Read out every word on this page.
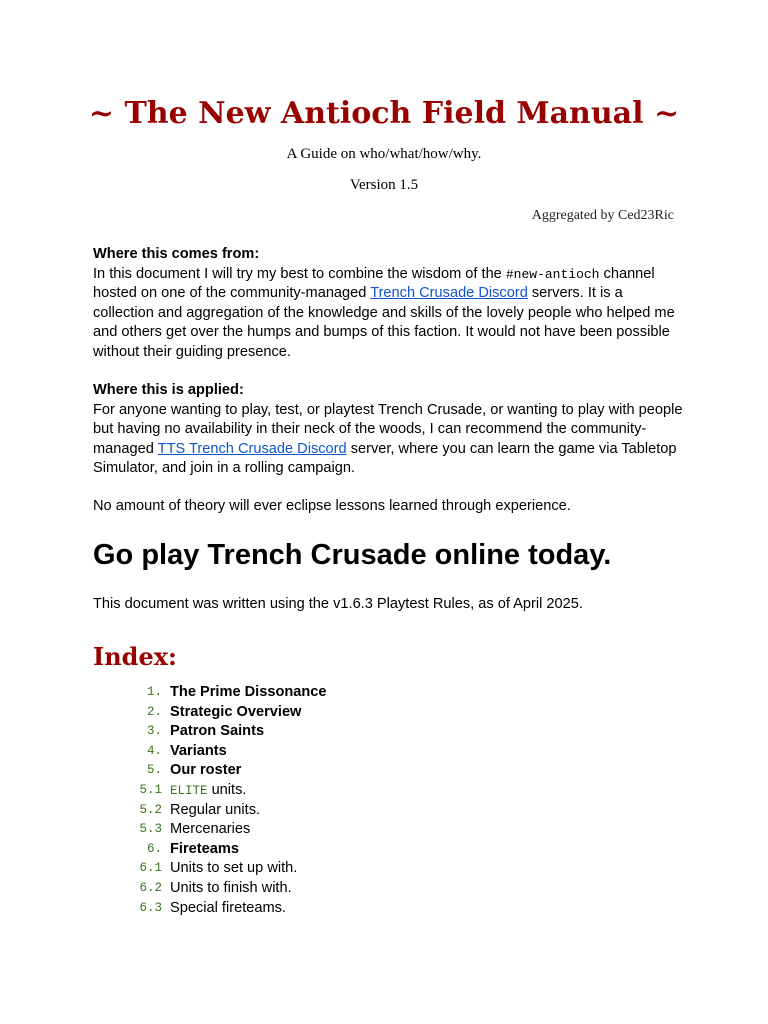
~ The New Antioch Field Manual ~
A Guide on who/what/how/why.
Version 1.5
Aggregated by Ced23Ric

Where this comes from:

In this document I will try my best to combine the wisdom of the #new-antioch channel hosted on one of the community-managed Trench Crusade Discord servers. It is a collection and aggregation of the knowledge and skills of the lovely people who helped me and others get over the humps and bumps of this faction. It would not have been possible without their guiding presence.

Where this is applied:

For anyone wanting to play, test, or playtest Trench Crusade, or wanting to play with people but having no availability in their neck of the woods, I can recommend the community-managed TTS Trench Crusade Discord server, where you can learn the game via Tabletop Simulator, and join in a rolling campaign.

No amount of theory will ever eclipse lessons learned through experience.
Go play Trench Crusade online today.
This document was written using the v1.6.3 Playtest Rules, as of April 2025.
Index:
1. The Prime Dissonance
2. Strategic Overview
3. Patron Saints
4. Variants
5. Our roster
5.1 ELITE units.
5.2 Regular units.
5.3 Mercenaries
6. Fireteams
6.1 Units to set up with.
6.2 Units to finish with.
6.3 Special fireteams.
